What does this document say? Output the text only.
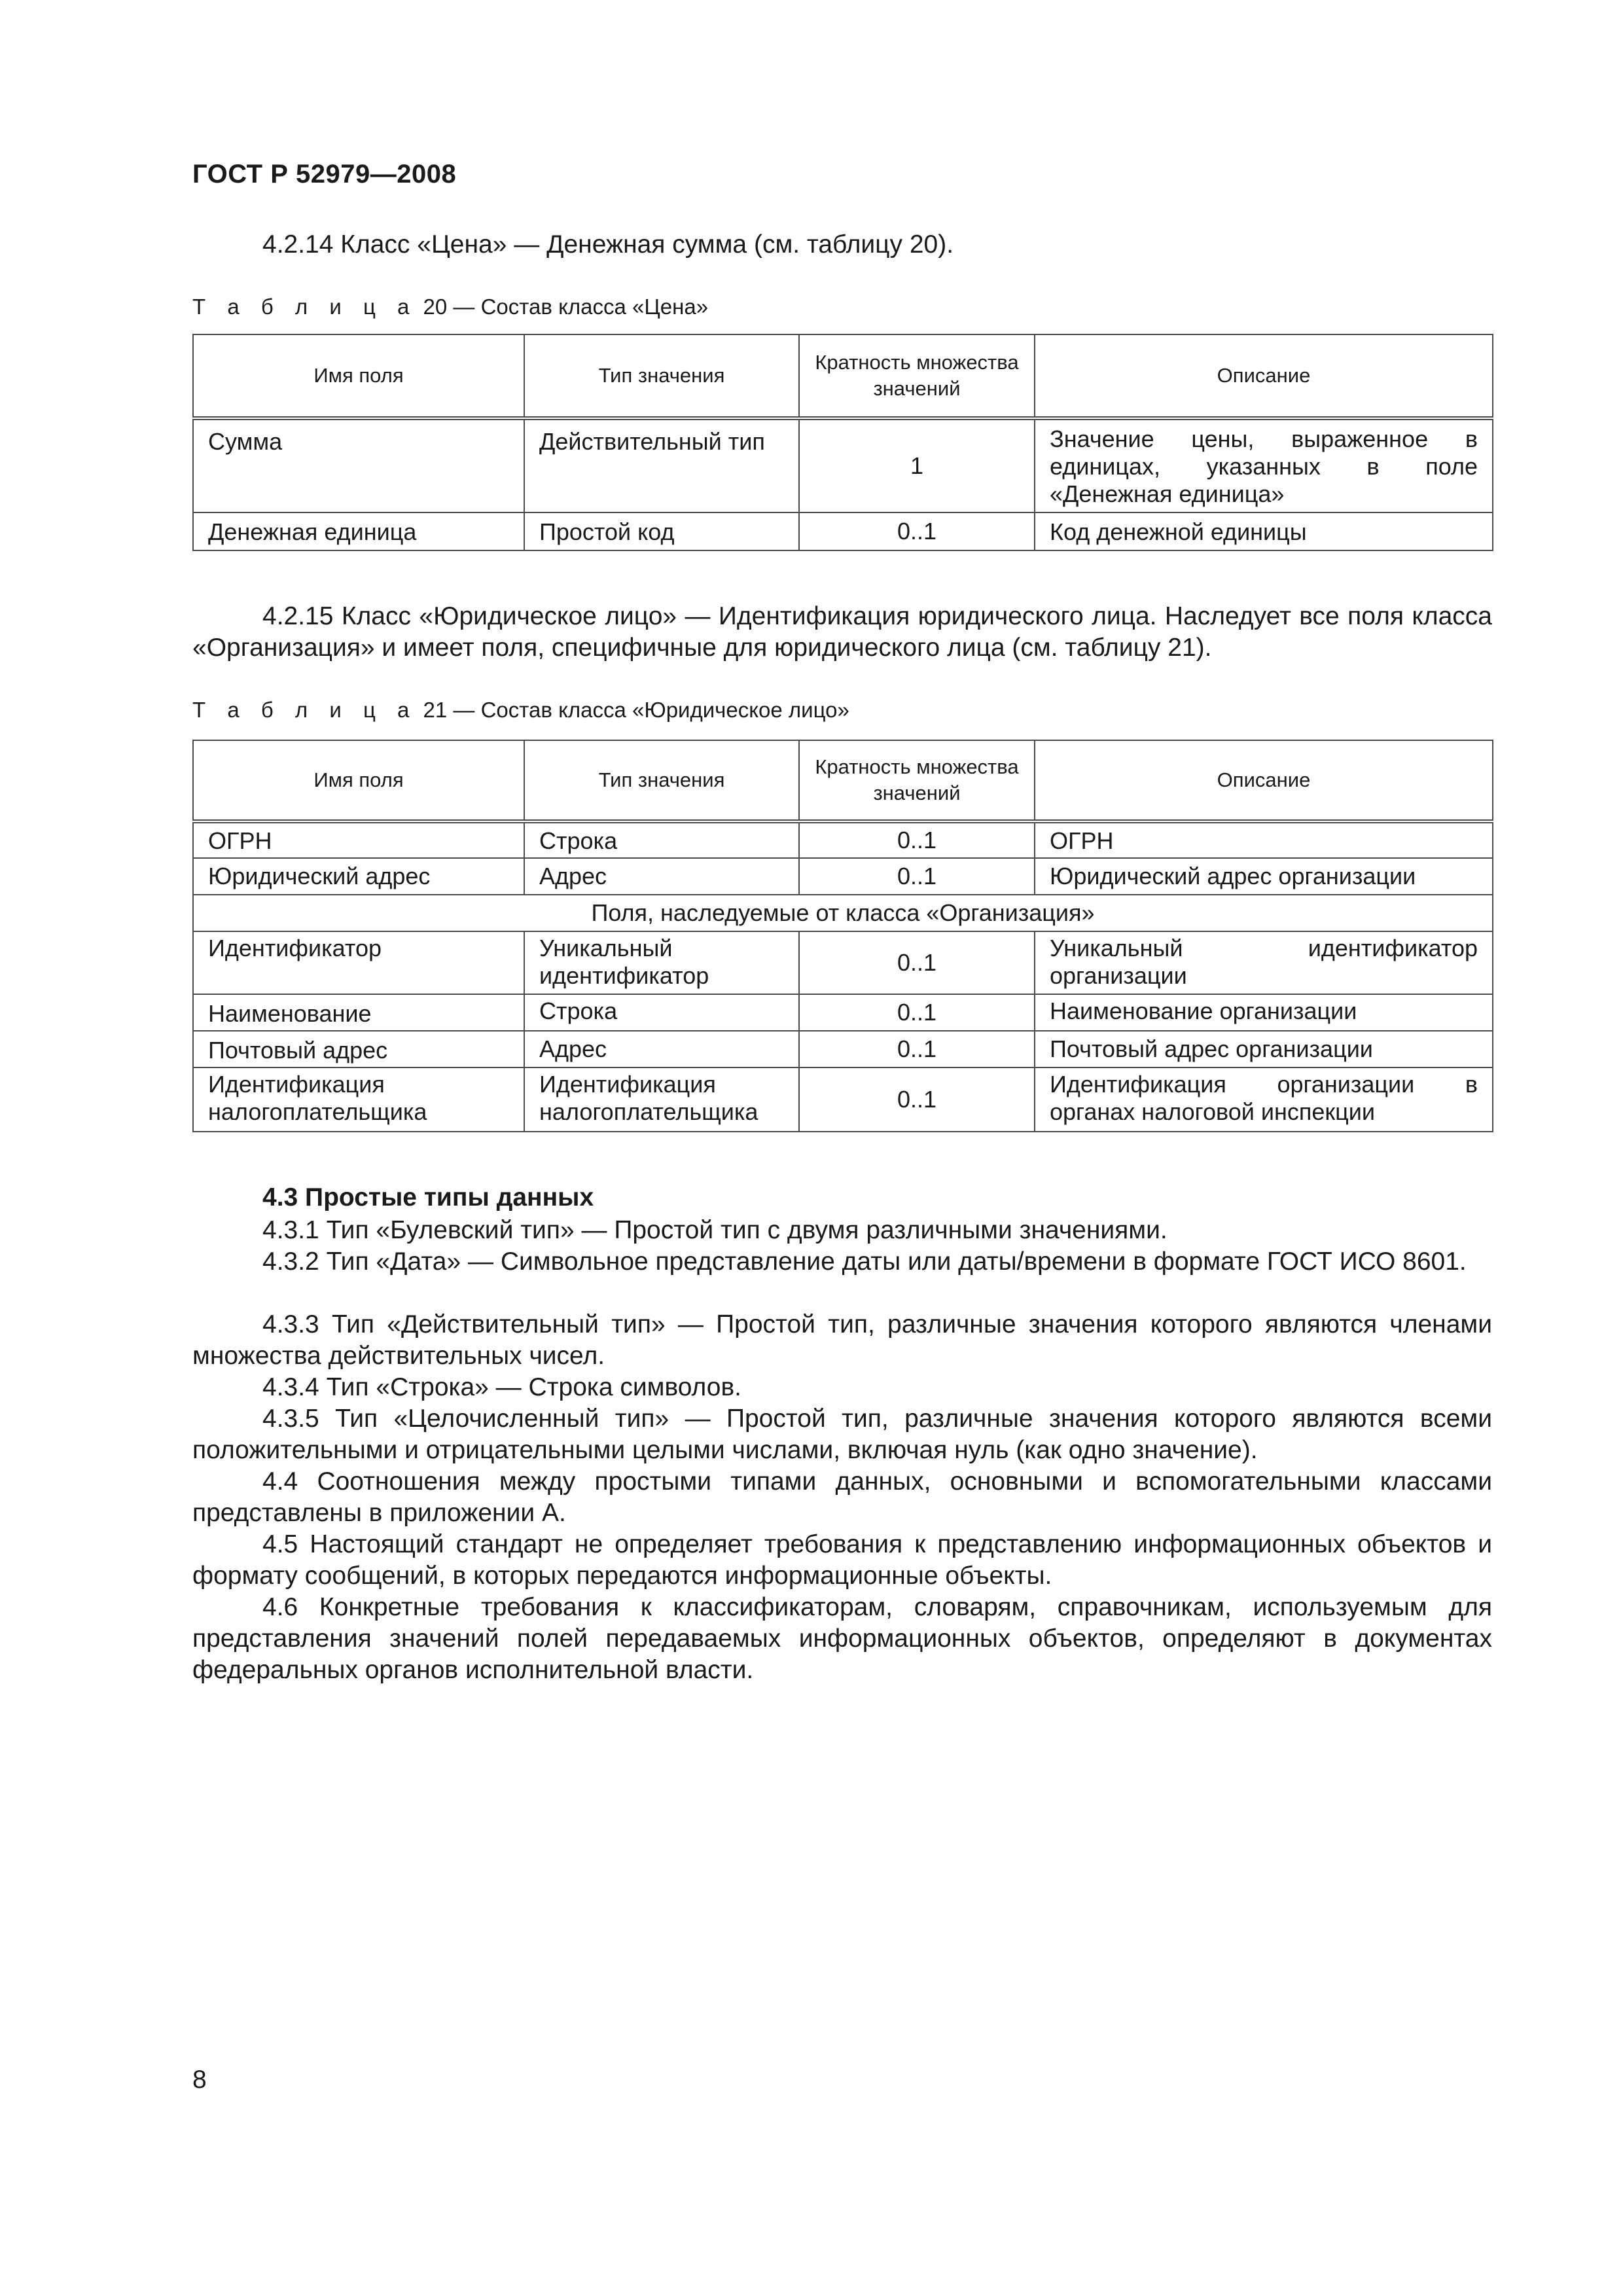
ГОСТ Р 52979—2008
4.2.14 Класс «Цена» — Денежная сумма (см. таблицу 20).
Т а б л и ц а 20 — Состав класса «Цена»
Имя поля	Тип значения	Кратность множества значений	Описание
Сумма	Действительный тип	1	Значение цены, выраженное в единицах, указанных в поле «Денежная единица»
Денежная единица	Простой код	0..1	Код денежной единицы
4.2.15 Класс «Юридическое лицо» — Идентификация юридического лица. Наследует все поля класса «Организация» и имеет поля, специфичные для юридического лица (см. таблицу 21).
Т а б л и ц а 21 — Состав класса «Юридическое лицо»
Имя поля	Тип значения	Кратность множества значений	Описание
ОГРН	Строка	0..1	ОГРН
Юридический адрес	Адрес	0..1	Юридический адрес организации
Поля, наследуемые от класса «Организация»			
Идентификатор	Уникальный идентификатор	0..1	Уникальный идентификатор организации
Наименование	Строка	0..1	Наименование организации
Почтовый адрес	Адрес	0..1	Почтовый адрес организации
Идентификация налогоплательщика	Идентификация налогоплательщика	0..1	Идентификация организации в органах налоговой инспекции
4.3 Простые типы данных
4.3.1 Тип «Булевский тип» — Простой тип с двумя различными значениями.
4.3.2 Тип «Дата» — Символьное представление даты или даты/времени в формате ГОСТ ИСО 8601.
4.3.3 Тип «Действительный тип» — Простой тип, различные значения которого являются членами множества действительных чисел.
4.3.4 Тип «Строка» — Строка символов.
4.3.5 Тип «Целочисленный тип» — Простой тип, различные значения которого являются всеми положительными и отрицательными целыми числами, включая нуль (как одно значение).
4.4 Соотношения между простыми типами данных, основными и вспомогательными классами представлены в приложении А.
4.5 Настоящий стандарт не определяет требования к представлению информационных объектов и формату сообщений, в которых передаются информационные объекты.
4.6 Конкретные требования к классификаторам, словарям, справочникам, используемым для представления значений полей передаваемых информационных объектов, определяют в документах федеральных органов исполнительной власти.
8
